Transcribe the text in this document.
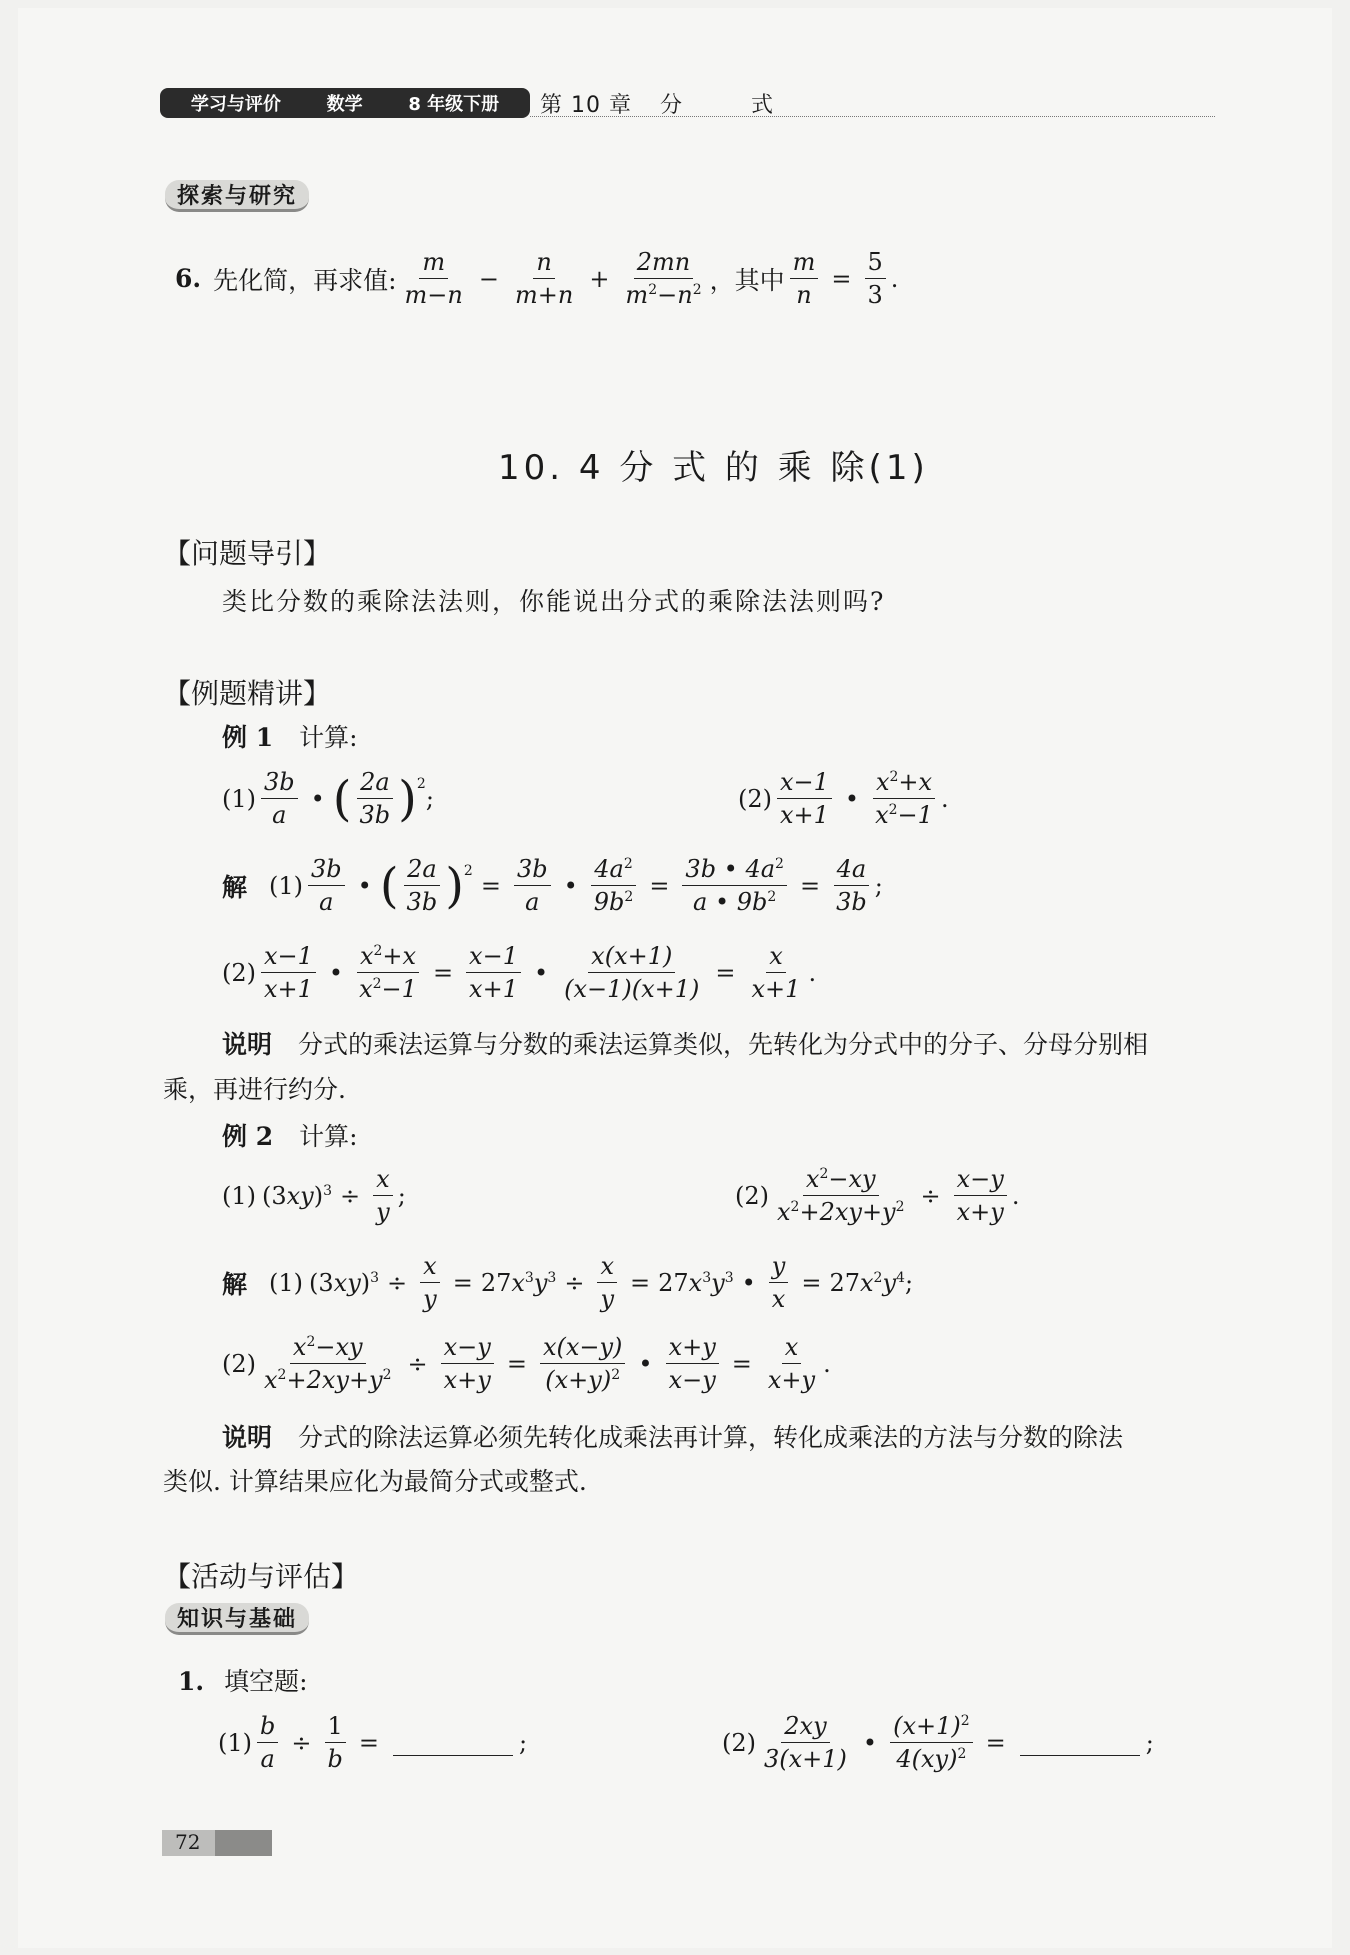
学习与评价	数学	8 年级下册 第 10 章 分	式
探索与研究
6. 先化简，再求值:
m
m−n
− $\frac{n}{m+n} + \frac{2mn}{m^2-n^2}$ ，其中 $\frac{m}{n} = \frac{5}{3}$ .
10. 4 分 式 的 乘 除(1)
【问题导引】
类比分数的乘除法法则，你能说出分式的乘除法法则吗?
【例题精讲】
例 1 计算:
(1)
3b
a
• ( 2a
3b ) 2
;	(2)
x−1
x+1
•
$x^2+x$
$x^2-1$
.
解 (1)
3b
a
• ( 2a
3b ) 2
= $\frac{3b}{a}$ • $\frac{4a^2}{9b^2} = \frac{3b • 4a^2}{a • 9b^2} = \frac{4a}{3b}$ ;
(2)
x−1
x+1
• $\frac{x^2+x}{x^2-1} = \frac{x-1}{x+1}$ • $\frac{x(x+1)}{(x-1)(x+1)} = \frac{x}{x+1}$ .
说明 分式的乘法运算与分数的乘法运算类似，先转化为分式中的分子、分母分别相
乘，再进行约分.
例 2 计算:
(1) $(3xy)^3 \div \frac{x}{y}$ ;	$(2) \frac{x^2-xy}{x^2+2xy+y^2} \div \frac{x-y}{x+y}$ .
解 (1) $(3xy)^3 \div \frac{x}{y} = 27x^3y^3 \div \frac{x}{y} = 27x^3y^3$ • $\frac{y}{x} = 27x^2y^4$ ;
$(2) \frac{x^2-xy}{x^2+2xy+y^2} \div \frac{x-y}{x+y} = \frac{x(x-y)}{(x+y)^2}$ • $\frac{x+y}{x-y} = \frac{x}{x+y}$ .
说明 分式的除法运算必须先转化成乘法再计算，转化成乘法的方法与分数的除法
类似. 计算结果应化为最简分式或整式.
【活动与评估】
知识与基础
1. 填空题:
$(1) \frac{b}{a} \div \frac{1}{b}$ =	;	(2)
2xy
3(x+1)
• $\frac{(x+1)^2}{4(xy)^2}$ =	;
72
